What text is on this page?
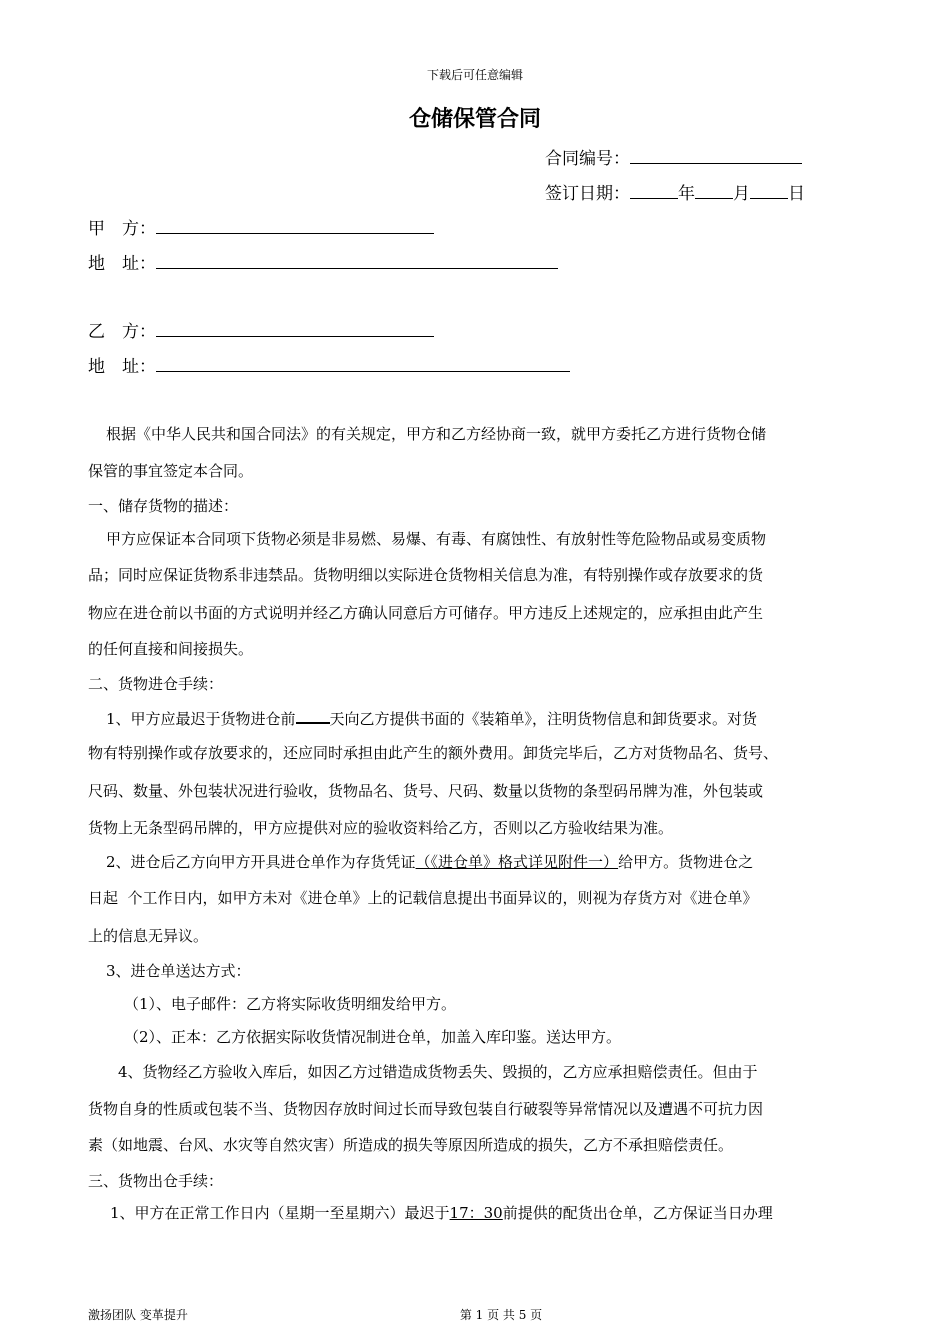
下载后可任意编辑
仓储保管合同
合同编号：
签订日期：	年 月 日
甲　方：
地　址：
乙　方：
地　址：
根据《中华人民共和国合同法》的有关规定，甲方和乙方经协商一致，就甲方委托乙方进行货物仓储
保管的事宜签定本合同。
一、储存货物的描述：
甲方应保证本合同项下货物必须是非易燃、易爆、有毒、有腐蚀性、有放射性等危险物品或易变质物
品；同时应保证货物系非违禁品。货物明细以实际进仓货物相关信息为准，有特别操作或存放要求的货
物应在进仓前以书面的方式说明并经乙方确认同意后方可储存。甲方违反上述规定的，应承担由此产生
的任何直接和间接损失。
二、货物进仓手续：
1、甲方应最迟于货物进仓前 天向乙方提供书面的《装箱单》，注明货物信息和卸货要求。对货
物有特别操作或存放要求的，还应同时承担由此产生的额外费用。卸货完毕后，乙方对货物品名、货号、
尺码、数量、外包装状况进行验收，货物品名、货号、尺码、数量以货物的条型码吊牌为准，外包装或
货物上无条型码吊牌的，甲方应提供对应的验收资料给乙方，否则以乙方验收结果为准。
2、进仓后乙方向甲方开具进仓单作为存货凭证（《进仓单》格式详见附件一）给甲方。货物进仓之
日起  个工作日内，如甲方未对《进仓单》上的记载信息提出书面异议的，则视为存货方对《进仓单》
上的信息无异议。
3、进仓单送达方式：
（1）、电子邮件：乙方将实际收货明细发给甲方。
（2）、正本：乙方依据实际收货情况制进仓单，加盖入库印鉴。送达甲方。
4、货物经乙方验收入库后，如因乙方过错造成货物丢失、毁损的，乙方应承担赔偿责任。但由于
货物自身的性质或包装不当、货物因存放时间过长而导致包装自行破裂等异常情况以及遭遇不可抗力因
素（如地震、台风、水灾等自然灾害）所造成的损失等原因所造成的损失，乙方不承担赔偿责任。
三、货物出仓手续：
1、甲方在正常工作日内（星期一至星期六）最迟于17：30前提供的配货出仓单，乙方保证当日办理
激扬团队 变革提升	第 1 页 共 5 页
